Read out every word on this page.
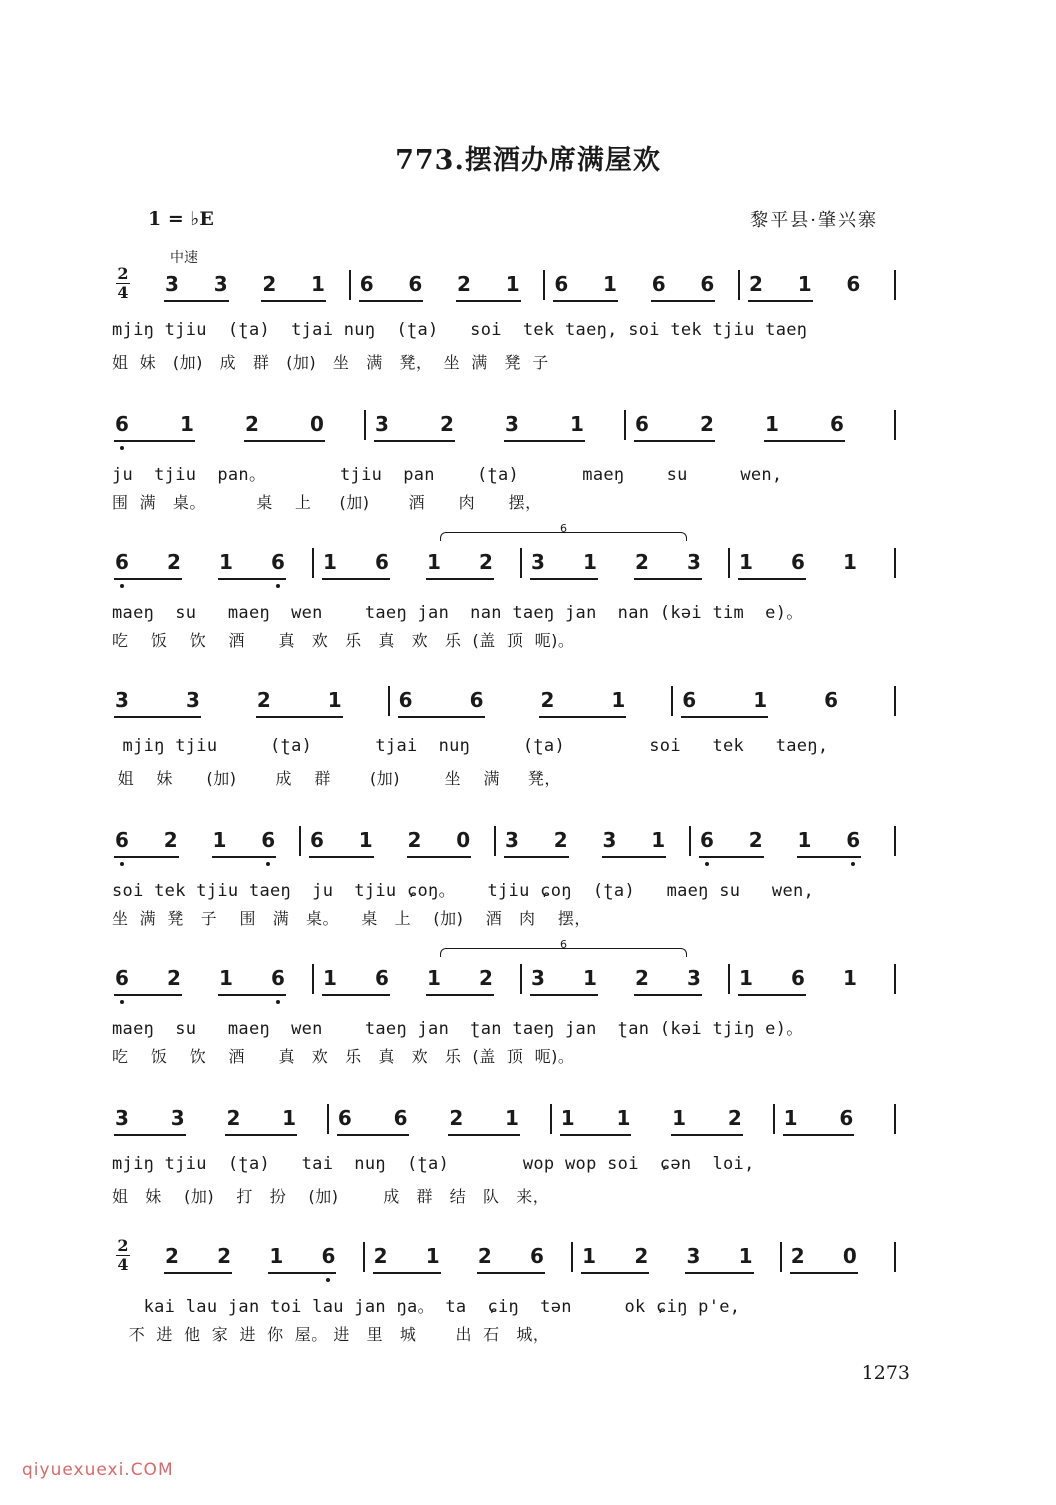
773.摆酒办席满屋欢
1 = ♭E	黎平县·肇兴寨
中速
2
4 3 3 2 1 6 6 2 1 6 1 6 6 2 1 6
mjiŋ tjiu  (ʈa)  tjai nuŋ  (ʈa)   soi  tek taeŋ, soi tek tjiu taeŋ
姐  妹   (加)   成   群   (加)   坐   满   凳，  坐  满   凳  子
6	1	2	0	3	2	3	1	6	2	1	6
ju  tjiu  pan。       tjiu  pan    (ʈa)      maeŋ    su     wen,
围  满   桌。         桌    上     (加)       酒      肉      摆，
6 2 1 6 1 6 1 2 3 1 2 3 1 6 1
6
maeŋ  su   maeŋ  wen    taeŋ jan  nan taeŋ jan  nan (kəi tim  e)。
吃    饭    饮    酒      真   欢   乐   真   欢   乐  (盖  顶  呃)。
3	3	2	1	6	6	2	1	6	1	6
mjiŋ tjiu     (ʈa)      tjai  nuŋ     (ʈa)        soi   tek   taeŋ,
姐    妹      (加)       成    群       (加)        坐    满     凳，
6 2 1 6 6 1 2 0 3 2 3 1 6 2 1 6
soi tek tjiu taeŋ  ju  tjiu ɕoŋ。   tjiu ɕoŋ  (ʈa)   maeŋ su   wen,
坐  满  凳   子    围   满   桌。    桌   上    (加)    酒   肉    摆，
6 2 1 6 1 6 1 2 3 1 2 3 1 6 1
6
maeŋ  su   maeŋ  wen    taeŋ jan  ʈan taeŋ jan  ʈan (kəi tjiŋ e)。
吃    饭    饮    酒      真   欢   乐   真   欢   乐  (盖  顶  呃)。
3 3 2 1 6 6 2 1 1 1 1 2 1 6
mjiŋ tjiu  (ʈa)   tai  nuŋ  (ʈa)       wop wop soi  ɕən  loi,
姐   妹    (加)    打   扮    (加)        成   群   结   队   来，
2
4 2 2 1 6 2 1 2 6 1 2 3 1 2 0
kai lau jan toi lau jan ŋa。 ta  ɕiŋ  tən     ok ɕiŋ p'e,
不  进  他  家  进  你  屋。 进   里   城       出  石   城，
1273
qiyuexuexi.COM
